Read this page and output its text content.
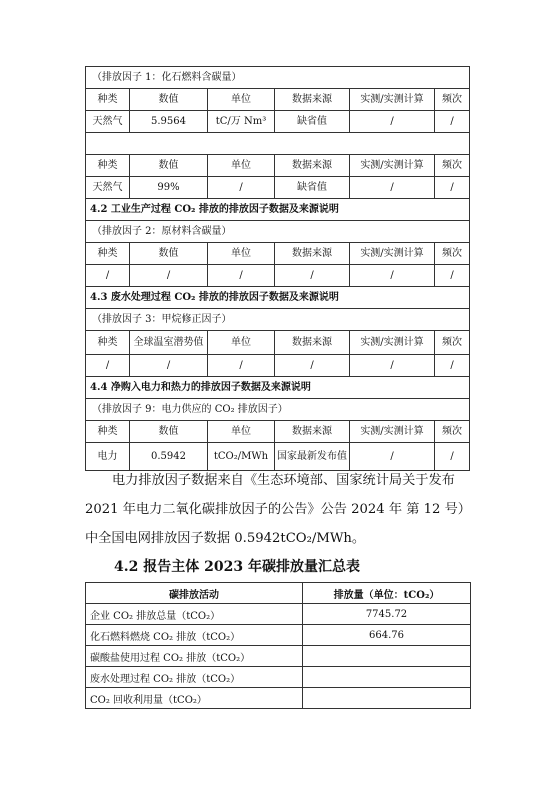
（排放因子 1：化石燃料含碳量）					
种类	数值	单位	数据来源	实测/实测计算	频次
天然气	5.9564	tC/万 Nm³	缺省值	/	/

种类	数值	单位	数据来源	实测/实测计算	频次
天然气	99%	/	缺省值	/	/
4.2 工业生产过程 CO₂ 排放的排放因子数据及来源说明					
（排放因子 2：原材料含碳量）					
种类	数值	单位	数据来源	实测/实测计算	频次
/	/	/	/	/	/
4.3 废水处理过程 CO₂ 排放的排放因子数据及来源说明					
（排放因子 3：甲烷修正因子）					
种类	全球温室潜势值	单位	数据来源	实测/实测计算	频次
/	/	/	/	/	/
4.4 净购入电力和热力的排放因子数据及来源说明					
（排放因子 9：电力供应的 CO₂ 排放因子）					
种类	数值	单位	数据来源	实测/实测计算	频次
电力	0.5942	tCO₂/MWh	国家最新发布值	/	/
电力排放因子数据来自《生态环境部、国家统计局关于发布
2021 年电力二氧化碳排放因子的公告》公告 2024 年 第 12 号）
中全国电网排放因子数据 0.5942tCO₂/MWh。
4.2 报告主体 2023 年碳排放量汇总表
碳排放活动	排放量（单位：tCO₂）
企业 CO₂ 排放总量（tCO₂）	7745.72
化石燃料燃烧 CO₂ 排放（tCO₂）	664.76
碳酸盐使用过程 CO₂ 排放（tCO₂）	
废水处理过程 CO₂ 排放（tCO₂）	
CO₂ 回收利用量（tCO₂）	
